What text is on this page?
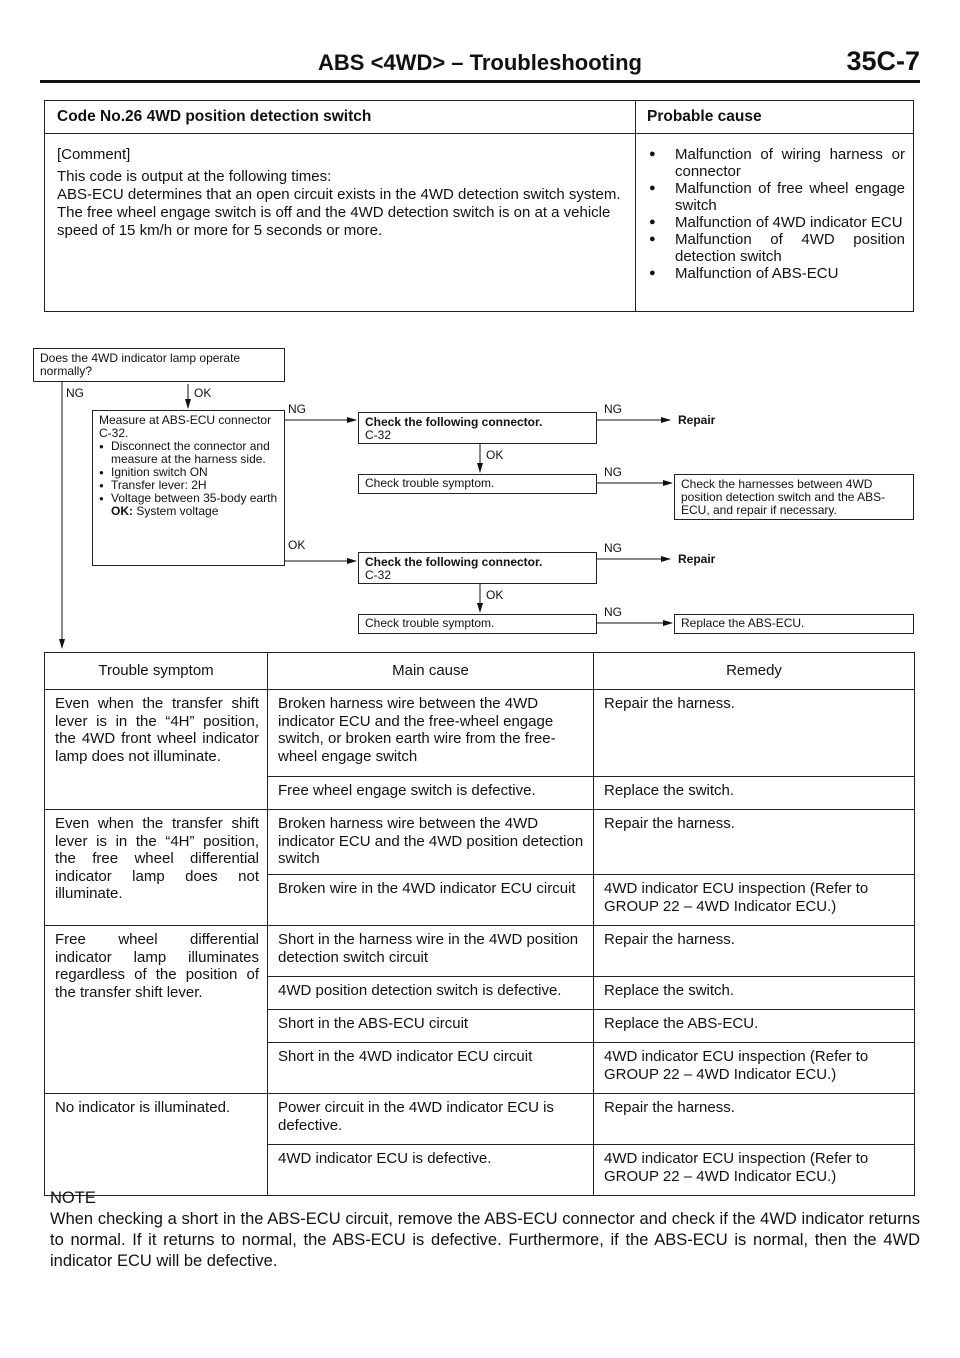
ABS <4WD> – Troubleshooting	35C-7
Code No.26 4WD position detection switch

[Comment]

This code is output at the following times:

ABS-ECU determines that an open circuit exists in the 4WD detection switch system.

The free wheel engage switch is off and the 4WD detection switch is on at a vehicle speed of 15 km/h or more for 5 seconds or more.

Probable cause
● Malfunction of wiring harness or connector
● Malfunction of free wheel engage switch
● Malfunction of 4WD indicator ECU
● Malfunction of 4WD position detection switch
● Malfunction of ABS-ECU
Does the 4WD indicator lamp operate normally?
NG	OK
Measure at ABS-ECU connector C-32.
● Disconnect the connector and measure at the harness side.
● Ignition switch ON
● Transfer lever: 2H
● Voltage between 35-body earth
OK: System voltage
NG
OK
Check the following connector.
C-32
NG
Repair
OK
Check trouble symptom.
NG
Check the harnesses between 4WD position detection switch and the ABS-ECU, and repair if necessary.
Check the following connector.
C-32
NG
Repair
OK
Check trouble symptom.
NG
Replace the ABS-ECU.
Trouble symptom	Main cause	Remedy
Even when the transfer shift lever is in the “4H” position, the 4WD front wheel indicator lamp does not illuminate.	Broken harness wire between the 4WD indicator ECU and the free-wheel engage switch, or broken earth wire from the free-wheel engage switch	Repair the harness.
	Free wheel engage switch is defective.	Replace the switch.
Even when the transfer shift lever is in the “4H” position, the free wheel differential indicator lamp does not illuminate.	Broken harness wire between the 4WD indicator ECU and the 4WD position detection switch	Repair the harness.
	Broken wire in the 4WD indicator ECU circuit	4WD indicator ECU inspection (Refer to GROUP 22 – 4WD Indicator ECU.)
Free wheel differential indicator lamp illuminates regardless of the position of the transfer shift lever.	Short in the harness wire in the 4WD position detection switch circuit	Repair the harness.
	4WD position detection switch is defective.	Replace the switch.
	Short in the ABS-ECU circuit	Replace the ABS-ECU.
	Short in the 4WD indicator ECU circuit	4WD indicator ECU inspection (Refer to GROUP 22 – 4WD Indicator ECU.)
No indicator is illuminated.	Power circuit in the 4WD indicator ECU is defective.	Repair the harness.
	4WD indicator ECU is defective.	4WD indicator ECU inspection (Refer to GROUP 22 – 4WD Indicator ECU.)
NOTE
When checking a short in the ABS-ECU circuit, remove the ABS-ECU connector and check if the 4WD indicator returns to normal. If it returns to normal, the ABS-ECU is defective. Furthermore, if the ABS-ECU is normal, then the 4WD indicator ECU will be defective.
